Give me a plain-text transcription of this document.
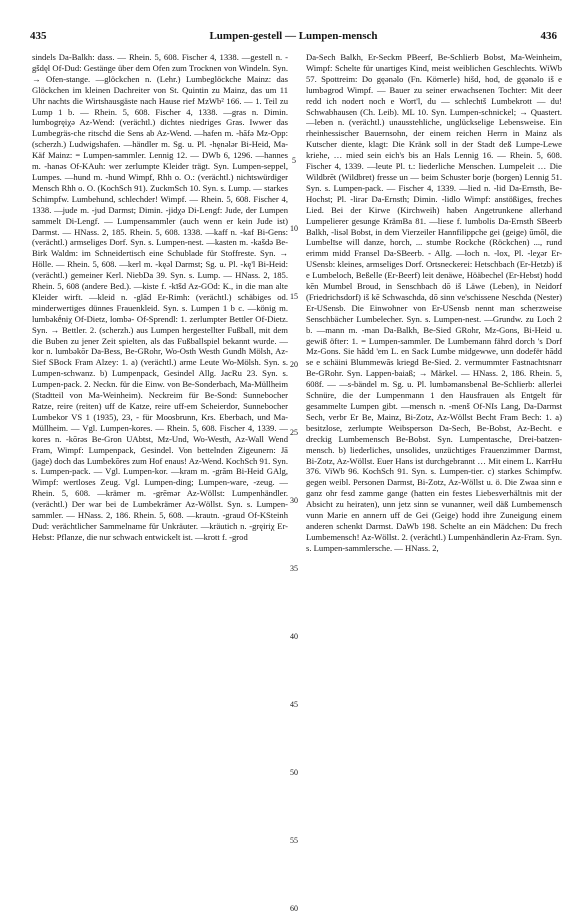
435	Lumpen-gestell — Lumpen-mensch	436

sindels Da-Balkh: dass. — Rhein. 5, 608. Fischer 4, 1338. —gestell n. -gšdęl Of-Dud: Gestänge über dem Ofen zum Trocknen von Windeln. Syn. → Ofen-stange. —glöckchen n. (Lehr.) Lumbeglöckche Mainz: das Glöckchen im kleinen Dachreiter von St. Quintin zu Mainz, das um 11 Uhr nachts die Wirtshausgäste nach Hause rief MzWb² 166. — 1. Teil zu Lump 1 b. — Rhein. 5, 608. Fischer 4, 1338. —gras n. Dimin. lumbogręiχə Az-Wend: (verächtl.) dichtes niedriges Gras. Iwwer das Lumbegräs-che ritschd die Sens ab Az-Wend. —hafen m. -hāfə Mz-Opp: (scherzh.) Ludwigshafen. —händler m. Sg. u. Pl. -hęnələr Bi-Heid, Ma-Käf Mainz: = Lumpen-sammler. Lennig 12. — DWb 6, 1296. —hannes m. -hanəs Of-KAuh: wer zerlumpte Kleider trägt. Syn. Lumpen-seppel, Lumpes. —hund m. -hund Wimpf, Rhh o. O.: (verächtl.) nichtswürdiger Mensch Rhh o. O. (KochSch 91). ZuckmSch 10. Syn. s. Lump. — starkes Schimpfw. Lumbehund, schlechder! Wimpf. — Rhein. 5, 608. Fischer 4, 1338. —jude m. -jud Darmst; Dimin. -jidχə Di-Lengf: Jude, der Lumpen sammelt Di-Lengf. — Lumpensammler (auch wenn er kein Jude ist) Darmst. — HNass. 2, 185. Rhein. 5, 608. 1338. —kaff n. -kaf Bi-Gens: (verächtl.) armseliges Dorf. Syn. s. Lumpen-nest. —kasten m. -kašdə Be-Birk Waldm: im Schneidertisch eine Schublade für Stoffreste. Syn. → Hölle. — Rhein. 5, 608. —kerl m. -kęəl Darmst; Sg. u. Pl. -kę'l Bi-Heid: (verächtl.) gemeiner Kerl. NiebDa 39. Syn. s. Lump. — HNass. 2, 185. Rhein. 5, 608 (andere Bed.). —kiste f. -kīšd Az-GOd: K., in die man alte Kleider wirft. —kleid n. -glād Er-Rimh: (verächtl.) schäbiges od. minderwertiges dünnes Frauenkleid. Syn. s. Lumpen 1 b c. —könig m. lumbəkḗniχ Of-Dietz, lombə- Of-Sprendl: 1. zerlumpter Bettler Of-Dietz. Syn. → Bettler. 2. (scherzh.) aus Lumpen hergestellter Fußball, mit dem die Buben zu jener Zeit spielten, als das Fußballspiel bekannt wurde. —kor n. lumbəkōr Da-Bess, Be-GRohr, Wo-Osth Westh Gundh Mölsh, Az-Sief SBock Fram Alzey: 1. a) (verächtl.) arme Leute Wo-Mölsh. Syn. s. Lumpen-schwanz. b) Lumpenpack, Gesindel Allg. JacRu 23. Syn. s. Lumpen-pack. 2. Neckn. für die Einw. von Be-Sonderbach, Ma-Müllheim (Stadtteil von Ma-Weinheim). Neckreim für Be-Sond: Sunnebocher Ratze, reire (reiten) uff de Katze, reire uff-em Scheierdor, Sunnebocher Lumbekor VS 1 (1935), 23, - für Moosbrunn, Krs. Eberbach, und Ma-Müllheim. — Vgl. Lumpen-kores. — Rhein. 5, 608. Fischer 4, 1339. —kores n. -kōrəs Be-Gron UAbtst, Mz-Und, Wo-Westh, Az-Wall Wend Fram, Wimpf: Lumpenpack, Gesindel. Von bettelnden Zigeunern: Jā (jage) doch das Lumbekōres zum Hof enaus! Az-Wend. KochSch 91. Syn. s. Lumpen-pack. — Vgl. Lumpen-kor. —kram m. -grām Bi-Heid GAlg, Wimpf: wertloses Zeug. Vgl. Lumpen-ding; Lumpen-ware, -zeug. — Rhein. 5, 608. —krämer m. -grēmər Az-Wöllst: Lumpenhändler. (verächtl.) Der war bei de Lumbekrämer Az-Wöllst. Syn. s. Lumpen-sammler. — HNass. 2, 186. Rhein. 5, 608. —krautn. -graud Of-KSteinh Dud: verächtlicher Sammelname für Unkräuter. —kräutich n. -gręiriχ Er-Hebst: Pflanze, die nur schwach entwickelt ist. —krott f. -grod

5
10
15
20
25
30
35
40
45
50
55
60

Da-Sech Balkh, Er-Seckm PBeerf, Be-Schlierb Bobst, Ma-Weinheim, Wimpf: Schelte für unartiges Kind, meist weiblichen Geschlechts. WiWb 57. Spottreim: Do gęənəlo (Fn. Körnerle) hišd, hod, de gęənəlo iš e lumbəgrod Wimpf. — Bauer zu seiner erwachsenen Tochter: Mit deer redd ich nodert noch e Wort'l, du — schlechtš Lumbekrott — du! Schwabhausen (Ch. Leib). ML 10. Syn. Lumpen-schnickel; → Quastert. —leben n. (verächtl.) unausstehliche, unglückselige Lebensweise. Ein rheinhessischer Bauernsohn, der einem reichen Herrn in Mainz als Kutscher diente, klagt: Die Kränk soll in der Stadt deß Lumpe-Lewe kriehe, … mied sein eich's bis an Hals Lennig 16. — Rhein. 5, 608. Fischer 4, 1339. —leute Pl. t.: liederliche Menschen. Lumpeleit … Die Wildbrēt (Wildbret) fresse un — beim Schuster borje (borgen) Lennig 51. Syn. s. Lumpen-pack. — Fischer 4, 1339. —lied n. -lid Da-Ernsth, Be-Hochst; Pl. -lirər Da-Ernsth; Dimin. -lidlo Wimpf: anstößiges, freches Lied. Bei der Kirwe (Kirchweih) haben Angetrunkene allerhand Lumpelierer gesunge KrämBa 81. —liese f. lumbolis Da-Ernsth SBeerb Balkh, -lisəl Bobst, in dem Vierzeiler Hannfilippche gei (geige) ūmōl, die Lumbelīse will danze, horch, ... stumbe Rockche (Röckchen) ..., rund erimm midd Fransel Da-SBeerb. - Allg. —loch n. -lox, Pl. -leχər Er-USensb: kleines, armseliges Dorf. Ortsneckerei: Hetschbach (Er-Hetzb) iš e Lumbeloch, Beßelle (Er-Beerf) leit denäwe, Höäbechel (Er-Hebst) hodd kēn Mumbel Broud, in Senschbach dō iš Läwe (Leben), in Neidorf (Friedrichsdorf) iš kē Schwaschda, dō sinn ve'schissene Neschda (Nester) Er-USensb. Die Einwohner von Er-USensb nennt man scherzweise Senschbächer Lumbelecher. Syn. s. Lumpen-nest. —Grundw. zu Loch 2 b. —mann m. -man Da-Balkh, Be-Sied GRohr, Mz-Gons, Bi-Heid u. gewiß öfter: 1. = Lumpen-sammler. De Lumbemann fährd dorch 's Dorf Mz-Gons. Sie hādd 'em L. en Sack Lumbe midgewwe, unn dodefër hādd se e schäini Blummewās kriegd Be-Sied. 2. vermummter Fastnachtsnarr Be-GRohr. Syn. Lappen-baiaß; → Märkel. — HNass. 2, 186. Rhein. 5, 608f. — —s-bändel m. Sg. u. Pl. lumbəmansbenəl Be-Schlierb: allerlei Schnüre, die der Lumpenmann 1 den Hausfrauen als Entgelt für gesammelte Lumpen gibt. —mensch n. -menš Of-NIs Lang, Da-Darmst Sech, verbr Er Be, Mainz, Bi-Zotz, Az-Wöllst Becht Fram Bech: 1. a) besitzlose, zerlumpte Weibsperson Da-Sech, Be-Bobst, Az-Becht. e dreckig Lumbemensch Be-Bobst. Syn. Lumpentasche, Drei-batzen-mensch. b) liederliches, unsolides, unzüchtiges Frauenzimmer Darmst, Bi-Zotz, Az-Wöllst. Euer Hans ist durchgebrannt … Mit einem L. KarrHu 376. ViWb 96. KochSch 91. Syn. s. Lumpen-tier. c) starkes Schimpfw. gegen weibl. Personen Darmst, Bi-Zotz, Az-Wöllst u. ö. Die Zwaa sinn e ganz ohr fesd zamme gange (hatten ein festes Liebesverhältnis mit der Absicht zu heiraten), unn jetz sinn se vunanner, weil däß Lumbemensch vunn Marie en annern uff de Gei (Geige) hodd ihre Zuneigung einem anderen schenkt Darmst. DaWb 198. Schelte an ein Mädchen: Du frech Lumbemensch! Az-Wöllst. 2. (verächtl.) Lumpenhändlerin Az-Fram. Syn. s. Lumpen-sammlersche. — HNass. 2,
